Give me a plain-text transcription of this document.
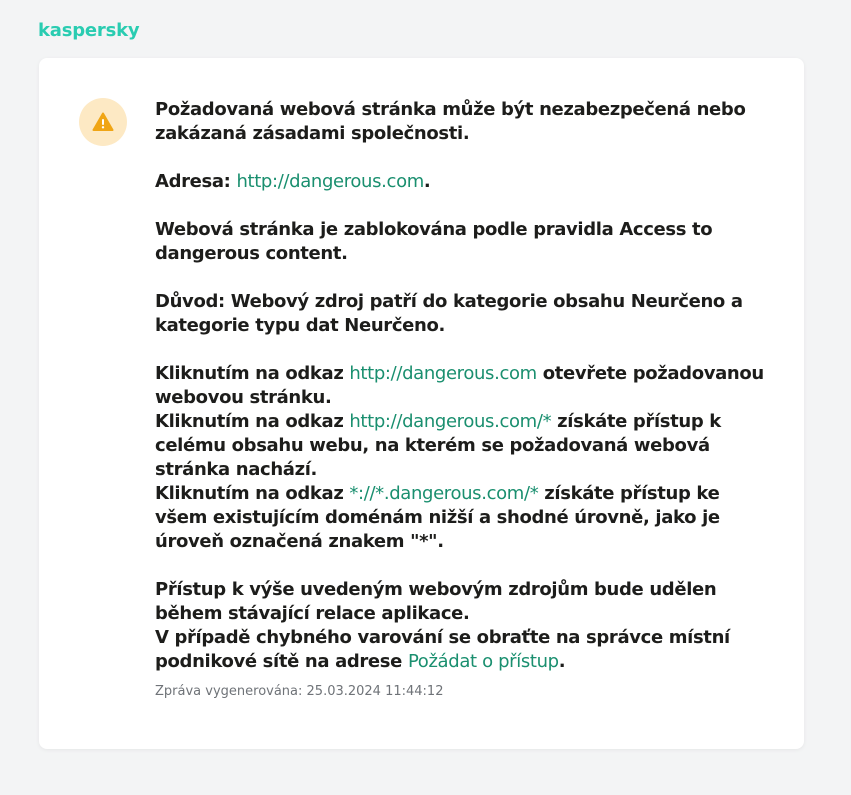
kaspersky

Požadovaná webová stránka může být nezabezpečená nebo zakázaná zásadami společnosti.

Adresa: http://dangerous.com.

Webová stránka je zablokována podle pravidla Access to dangerous content.

Důvod: Webový zdroj patří do kategorie obsahu Neurčeno a kategorie typu dat Neurčeno.

Kliknutím na odkaz http://dangerous.com otevřete požadovanou webovou stránku.

Kliknutím na odkaz http://dangerous.com/* získáte přístup k celému obsahu webu, na kterém se požadovaná webová stránka nachází.

Kliknutím na odkaz *://*.dangerous.com/* získáte přístup ke všem existujícím doménám nižší a shodné úrovně, jako je úroveň označená znakem "*".

Přístup k výše uvedeným webovým zdrojům bude udělen během stávající relace aplikace.

V případě chybného varování se obraťte na správce místní podnikové sítě na adrese Požádat o přístup.

Zpráva vygenerována: 25.03.2024 11:44:12
